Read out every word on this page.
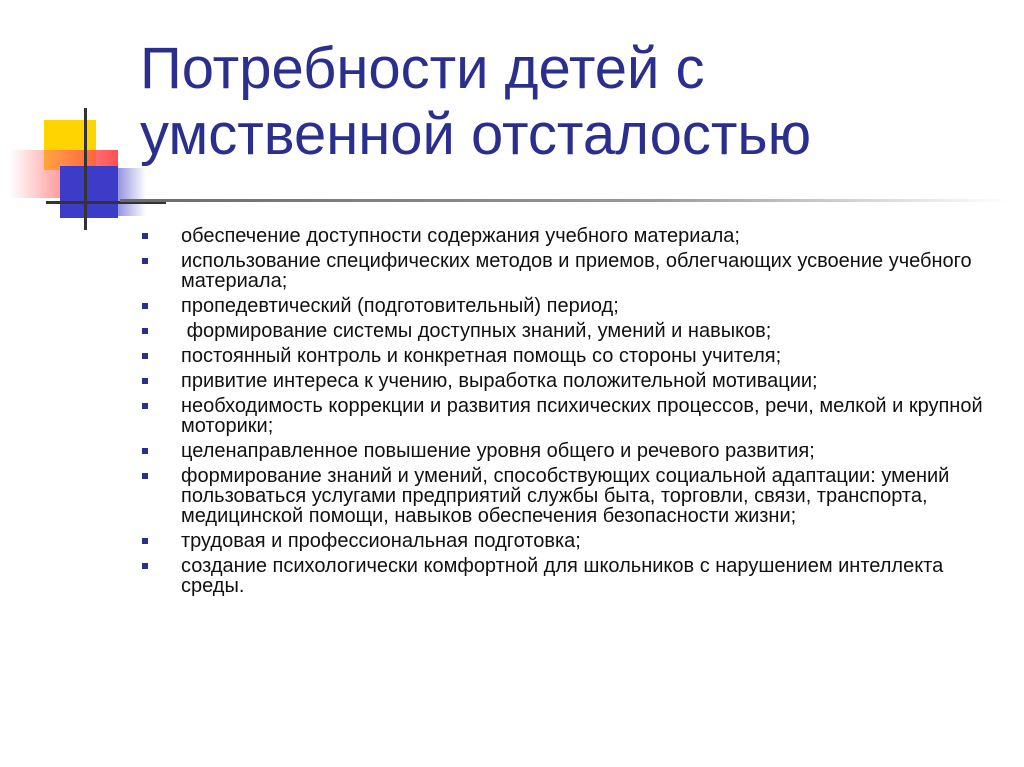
Потребности детей с умственной отсталостью
обеспечение доступности содержания учебного материала;
использование специфических методов и приемов, облегчающих усвоение учебного материала;
пропедевтический (подготовительный) период;
формирование системы доступных знаний, умений и навыков;
постоянный контроль и конкретная помощь со стороны учителя;
привитие интереса к учению, выработка положительной мотивации;
необходимость коррекции и развития психических процессов, речи, мелкой и крупной моторики;
целенаправленное повышение уровня общего и речевого развития;
формирование знаний и умений, способствующих социальной адаптации: умений пользоваться услугами предприятий службы быта, торговли, связи, транспорта, медицинской помощи, навыков обеспечения безопасности жизни;
трудовая и профессиональная подготовка;
создание психологически комфортной для школьников с нарушением интеллекта среды.
